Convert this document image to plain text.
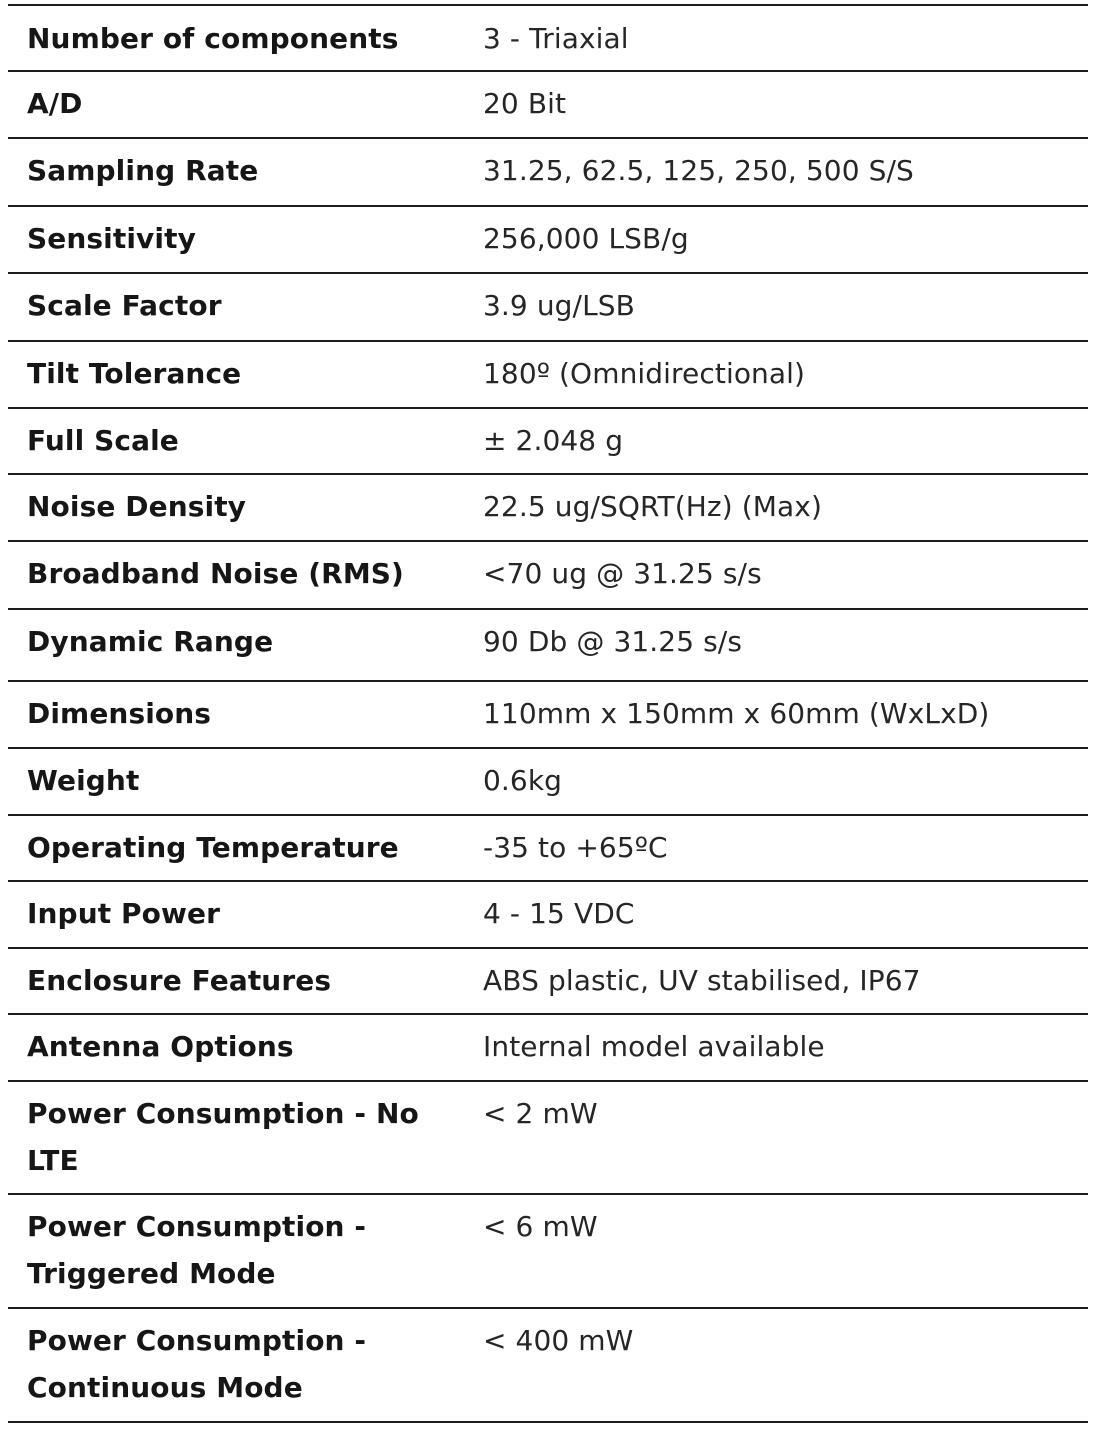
Number of components	3 - Triaxial
A/D	20 Bit
Sampling Rate	31.25, 62.5, 125, 250, 500 S/S
Sensitivity	256,000 LSB/g
Scale Factor	3.9 ug/LSB
Tilt Tolerance	180º (Omnidirectional)
Full Scale	± 2.048 g
Noise Density	22.5 ug/SQRT(Hz) (Max)
Broadband Noise (RMS)	<70 ug @ 31.25 s/s
Dynamic Range	90 Db @ 31.25 s/s
Dimensions	110mm x 150mm x 60mm (WxLxD)
Weight	0.6kg
Operating Temperature	-35 to +65ºC
Input Power	4 - 15 VDC
Enclosure Features	ABS plastic, UV stabilised, IP67
Antenna Options	Internal model available
Power Consumption - No LTE	< 2 mW
Power Consumption - Triggered Mode	< 6 mW
Power Consumption - Continuous Mode	< 400 mW
